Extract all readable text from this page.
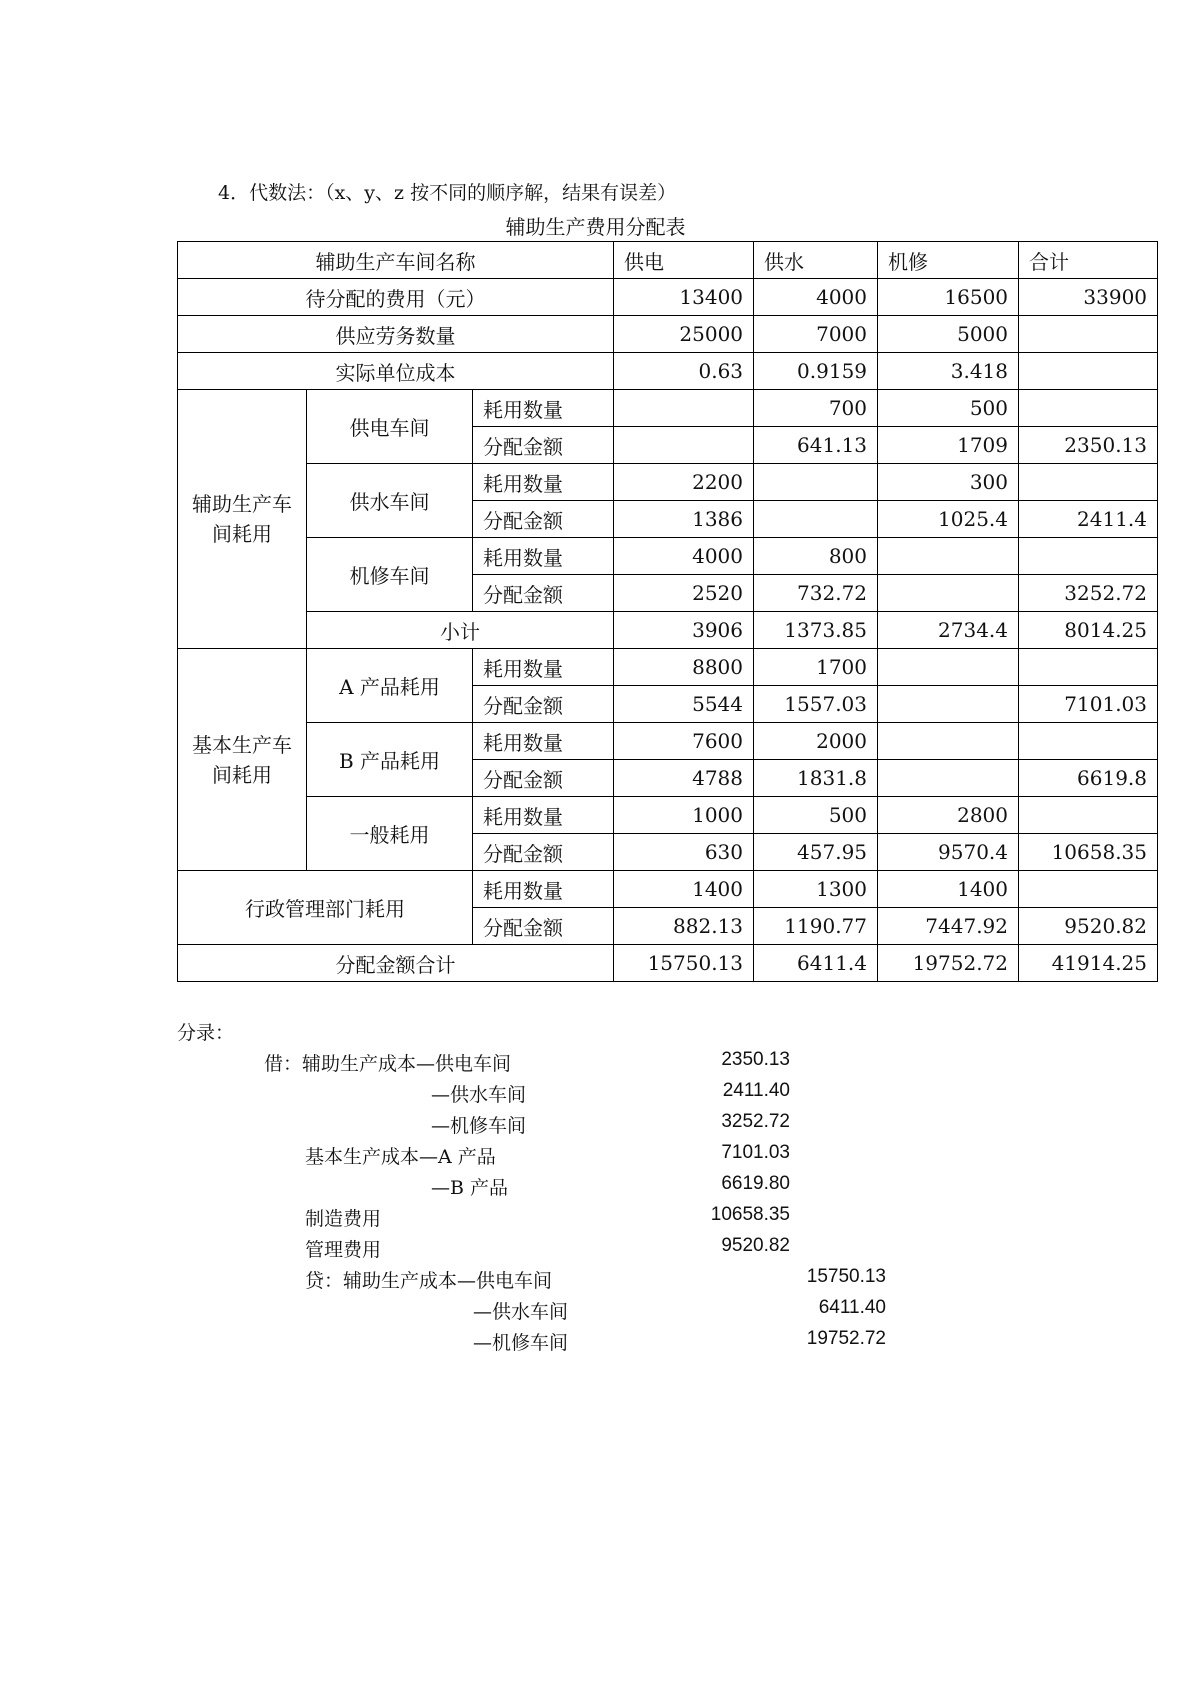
4．代数法：（x、y、z 按不同的顺序解，结果有误差）
辅助生产费用分配表
辅助生产车间名称			供电	供水	机修	合计
待分配的费用（元）			13400	4000	16500	33900
供应劳务数量			25000	7000	5000	
实际单位成本			0.63	0.9159	3.418	
辅助生产车间耗用	供电车间	耗用数量		700	500	
		分配金额		641.13	1709	2350.13
	供水车间	耗用数量	2200		300	
		分配金额	1386		1025.4	2411.4
	机修车间	耗用数量	4000	800		
		分配金额	2520	732.72		3252.72
	小计		3906	1373.85	2734.4	8014.25
基本生产车间耗用	A 产品耗用	耗用数量	8800	1700		
		分配金额	5544	1557.03		7101.03
	B 产品耗用	耗用数量	7600	2000		
		分配金额	4788	1831.8		6619.8
	一般耗用	耗用数量	1000	500	2800	
		分配金额	630	457.95	9570.4	10658.35
行政管理部门耗用		耗用数量	1400	1300	1400	
		分配金额	882.13	1190.77	7447.92	9520.82
分配金额合计			15750.13	6411.4	19752.72	41914.25
分录：
借：辅助生产成本—供电车间	2350.13
—供水车间	2411.40
—机修车间	3252.72
基本生产成本—A 产品	7101.03
—B 产品	6619.80
制造费用	10658.35
管理费用	9520.82
贷：辅助生产成本—供电车间	15750.13
—供水车间	6411.40
—机修车间	19752.72
